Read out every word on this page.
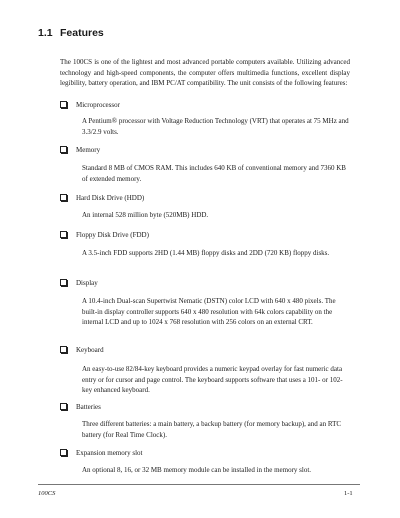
1.1 Features

The 100CS is one of the lightest and most advanced portable computers available. Utilizing advanced technology and high-speed components, the computer offers multimedia functions, excellent display legibility, battery operation, and IBM PC/AT compatibility. The unit consists of the following features:

Microprocessor

A Pentium® processor with Voltage Reduction Technology (VRT) that operates at 75 MHz and 3.3/2.9 volts.

Memory

Standard 8 MB of CMOS RAM. This includes 640 KB of conventional memory and 7360 KB of extended memory.

Hard Disk Drive (HDD)

An internal 528 million byte (520MB) HDD.

Floppy Disk Drive (FDD)

A 3.5-inch FDD supports 2HD (1.44 MB) floppy disks and 2DD (720 KB) floppy disks.

Display

A 10.4-inch Dual-scan Supertwist Nematic (DSTN) color LCD with 640 x 480 pixels. The built-in display controller supports 640 x 480 resolution with 64k colors capability on the internal LCD and up to 1024 x 768 resolution with 256 colors on an external CRT.

Keyboard

An easy-to-use 82/84-key keyboard provides a numeric keypad overlay for fast numeric data entry or for cursor and page control. The keyboard supports software that uses a 101- or 102-key enhanced keyboard.

Batteries

Three different batteries: a main battery, a backup battery (for memory backup), and an RTC battery (for Real Time Clock).

Expansion memory slot

An optional 8, 16, or 32 MB memory module can be installed in the memory slot.

100CS	1-1
